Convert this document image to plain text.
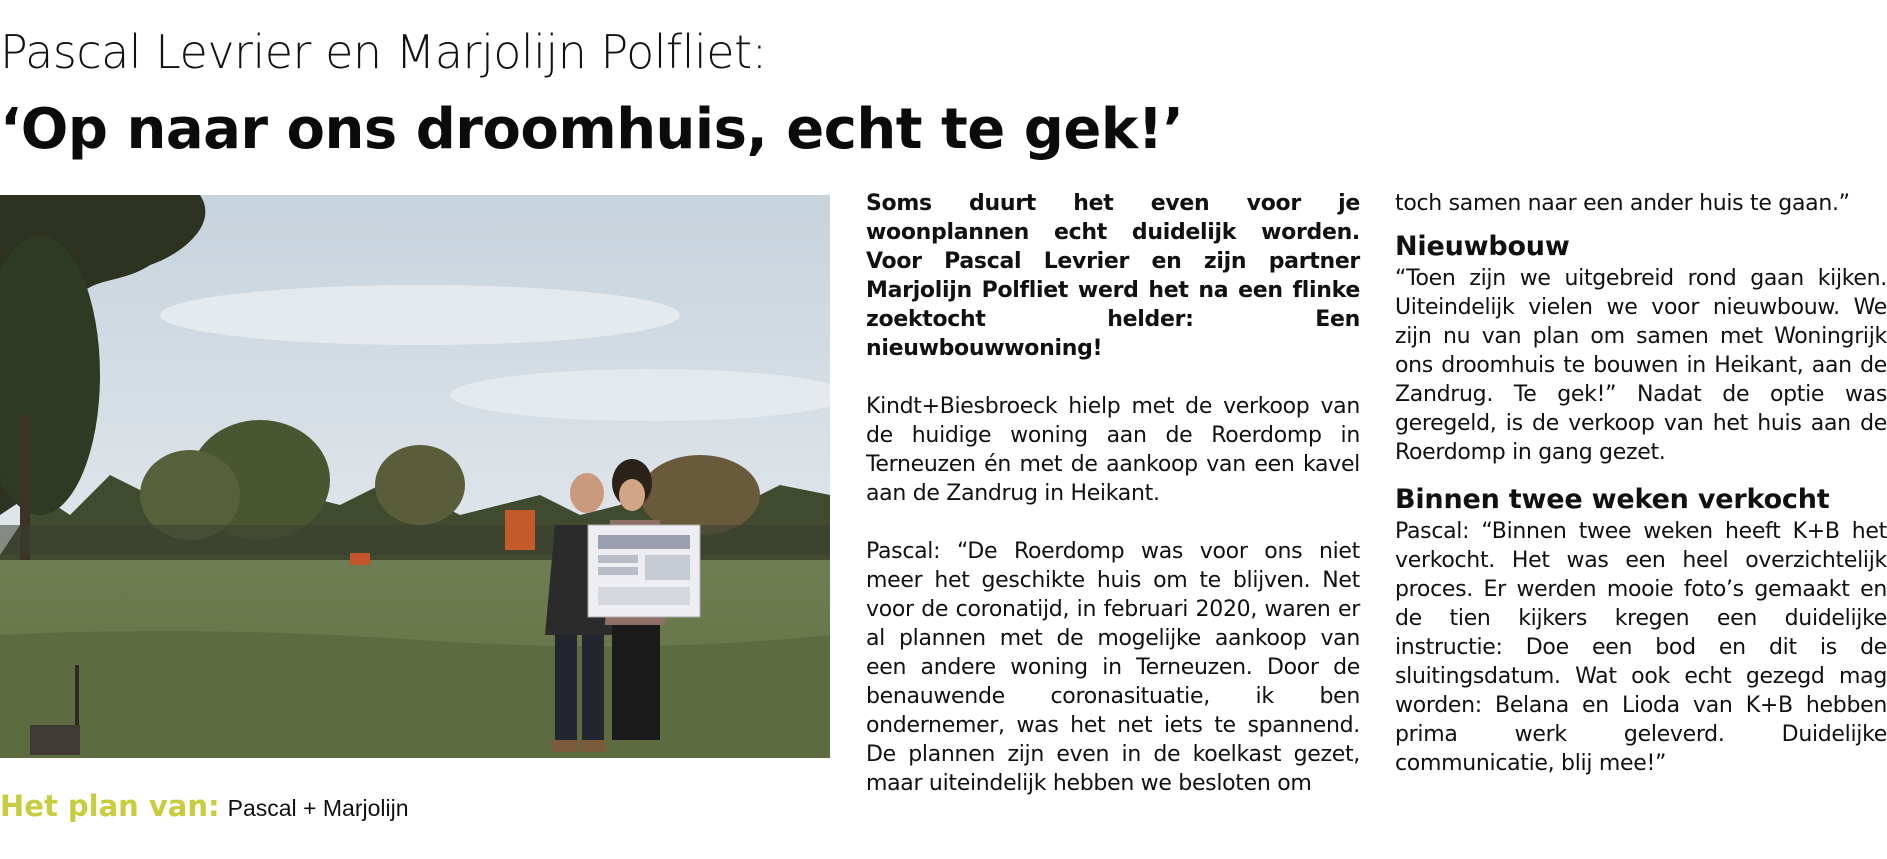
Pascal Levrier en Marjolijn Polfliet:
‘Op naar ons droomhuis, echt te gek!’
Het plan van: Pascal + Marjolijn

Soms duurt het even voor je woonplannen echt duidelijk worden. Voor Pascal Levrier en zijn partner Marjolijn Polfliet werd het na een flinke zoektocht helder: Een nieuwbouwwoning!

Kindt+Biesbroeck hielp met de verkoop van de huidige woning aan de Roerdomp in Terneuzen én met de aankoop van een kavel aan de Zandrug in Heikant.

Pascal: “De Roerdomp was voor ons niet meer het geschikte huis om te blijven. Net voor de coronatijd, in februari 2020, waren er al plannen met de mogelijke aankoop van een andere woning in Terneuzen. Door de benauwende coronasituatie, ik ben ondernemer, was het net iets te spannend. De plannen zijn even in de koelkast gezet, maar uiteindelijk hebben we besloten om

toch samen naar een ander huis te gaan.”

Nieuwbouw

“Toen zijn we uitgebreid rond gaan kijken. Uiteindelijk vielen we voor nieuwbouw. We zijn nu van plan om samen met Woningrijk ons droomhuis te bouwen in Heikant, aan de Zandrug. Te gek!” Nadat de optie was geregeld, is de verkoop van het huis aan de Roerdomp in gang gezet.

Binnen twee weken verkocht

Pascal: “Binnen twee weken heeft K+B het verkocht. Het was een heel overzichtelijk proces. Er werden mooie foto’s gemaakt en de tien kijkers kregen een duidelijke instructie: Doe een bod en dit is de sluitingsdatum. Wat ook echt gezegd mag worden: Belana en Lioda van K+B hebben prima werk geleverd. Duidelijke communicatie, blij mee!”
